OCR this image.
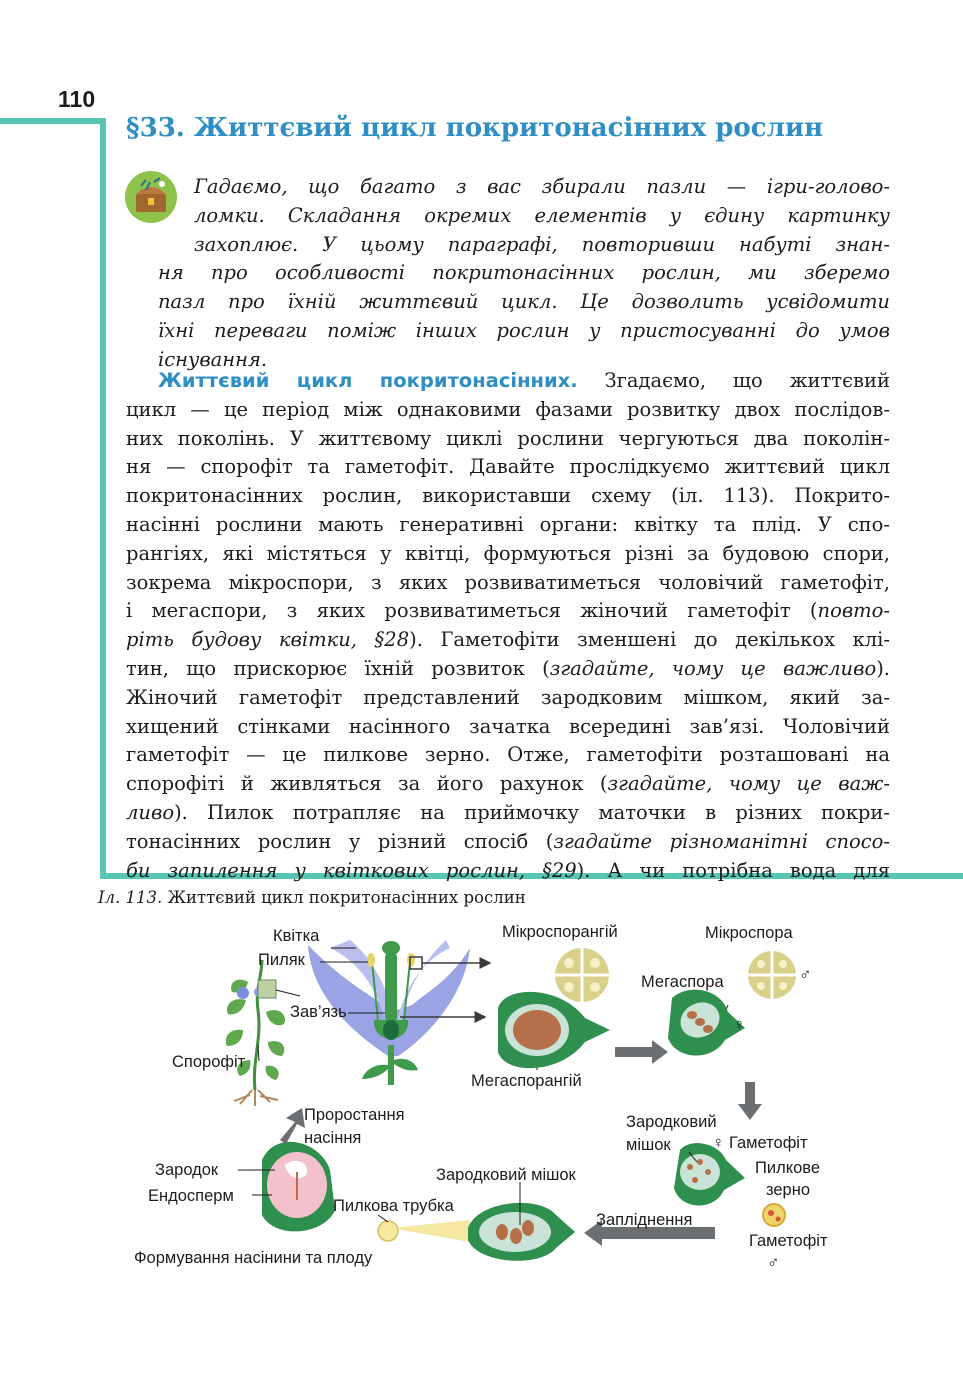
110
§33. Життєвий цикл покритонасінних рослин
Гадаємо, що багато з вас збирали пазли — ігри-голово-
ломки. Складання окремих елементів у єдину картинку
захоплює. У цьому параграфі, повторивши набуті знан-
ня про особливості покритонасінних рослин, ми зберемо
пазл про їхній життєвий цикл. Це дозволить усвідомити
їхні переваги поміж інших рослин у пристосуванні до умов
існування.
Життєвий цикл покритонасінних. Згадаємо, що життєвий
цикл — це період між однаковими фазами розвитку двох послідов-
них поколінь. У життєвому циклі рослини чергуються два поколін-
ня — спорофіт та гаметофіт. Давайте прослідкуємо життєвий цикл
покритонасінних рослин, використавши схему (іл. 113). Покрито-
насінні рослини мають генеративні органи: квітку та плід. У спо-
рангіях, які містяться у квітці, формуються різні за будовою спори,
зокрема мікроспори, з яких розвиватиметься чоловічий гаметофіт,
і мегаспори, з яких розвиватиметься жіночий гаметофіт (повто-
ріть будову квітки, §28). Гаметофіти зменшені до декількох клі-
тин, що прискорює їхній розвиток (згадайте, чому це важливо).
Жіночий гаметофіт представлений зародковим мішком, який за-
хищений стінками насінного зачатка всередині зав’язі. Чоловічий
гаметофіт — це пилкове зерно. Отже, гаметофіти розташовані на
спорофіті й живляться за його рахунок (згадайте, чому це важ-
ливо). Пилок потрапляє на приймочку маточки в різних покри-
тонасінних рослин у різний спосіб (згадайте різноманітні спосо-
би запилення у квіткових рослин, §29). А чи потрібна вода для
Іл. 113. Життєвий цикл покритонасінних рослин
Квітка
Пиляк
Зав’язь
Спорофіт
Мікроспорангій	Мікроспора
♂
Мегаспора
♀
Мегаспорангій
Проростання
насіння
Зародковий
мішок	♀ Гаметофіт
Пилкове
зерно
Запліднення
Гаметофіт
♂
Зародковий мішок
Пилкова трубка
Зародок
Ендосперм
Формування насінини та плоду
